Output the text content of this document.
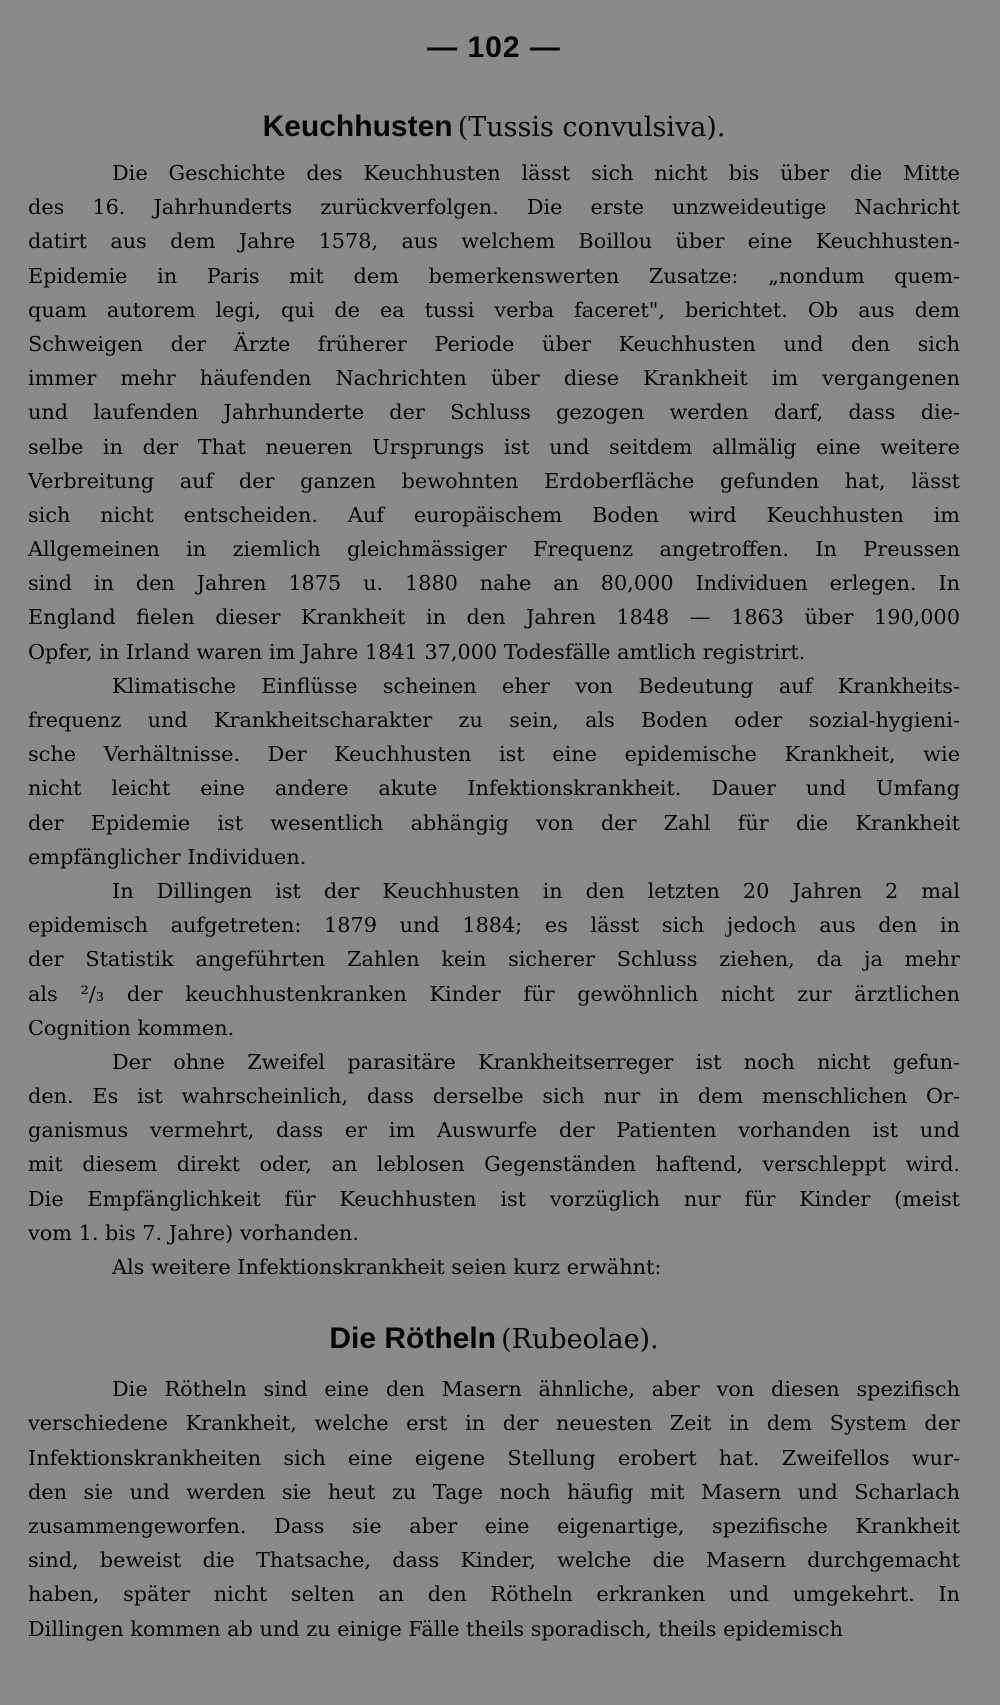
— 102 —
Keuchhusten (Tussis convulsiva).

Die Geschichte des Keuchhusten lässt sich nicht bis über die Mitte
des 16. Jahrhunderts zurückverfolgen. Die erste unzweideutige Nachricht
datirt aus dem Jahre 1578, aus welchem Boillou über eine Keuchhusten-
Epidemie in Paris mit dem bemerkenswerten Zusatze: „nondum quem-
quam autorem legi, qui de ea tussi verba faceret", berichtet. Ob aus dem
Schweigen der Ärzte früherer Periode über Keuchhusten und den sich
immer mehr häufenden Nachrichten über diese Krankheit im vergangenen
und laufenden Jahrhunderte der Schluss gezogen werden darf, dass die-
selbe in der That neueren Ursprungs ist und seitdem allmälig eine weitere
Verbreitung auf der ganzen bewohnten Erdoberfläche gefunden hat, lässt
sich nicht entscheiden. Auf europäischem Boden wird Keuchhusten im
Allgemeinen in ziemlich gleichmässiger Frequenz angetroffen. In Preussen
sind in den Jahren 1875 u. 1880 nahe an 80,000 Individuen erlegen. In
England fielen dieser Krankheit in den Jahren 1848 — 1863 über 190,000
Opfer, in Irland waren im Jahre 1841 37,000 Todesfälle amtlich registrirt.

Klimatische Einflüsse scheinen eher von Bedeutung auf Krankheits-
frequenz und Krankheitscharakter zu sein, als Boden oder sozial-hygieni-
sche Verhältnisse. Der Keuchhusten ist eine epidemische Krankheit, wie
nicht leicht eine andere akute Infektionskrankheit. Dauer und Umfang
der Epidemie ist wesentlich abhängig von der Zahl für die Krankheit
empfänglicher Individuen.

In Dillingen ist der Keuchhusten in den letzten 20 Jahren 2 mal
epidemisch aufgetreten: 1879 und 1884; es lässt sich jedoch aus den in
der Statistik angeführten Zahlen kein sicherer Schluss ziehen, da ja mehr
als ²/₃ der keuchhustenkranken Kinder für gewöhnlich nicht zur ärztlichen
Cognition kommen.

Der ohne Zweifel parasitäre Krankheitserreger ist noch nicht gefun-
den. Es ist wahrscheinlich, dass derselbe sich nur in dem menschlichen Or-
ganismus vermehrt, dass er im Auswurfe der Patienten vorhanden ist und
mit diesem direkt oder, an leblosen Gegenständen haftend, verschleppt wird.
Die Empfänglichkeit für Keuchhusten ist vorzüglich nur für Kinder (meist
vom 1. bis 7. Jahre) vorhanden.

Als weitere Infektionskrankheit seien kurz erwähnt:

Die Rötheln (Rubeolae).

Die Rötheln sind eine den Masern ähnliche, aber von diesen spezifisch
verschiedene Krankheit, welche erst in der neuesten Zeit in dem System der
Infektionskrankheiten sich eine eigene Stellung erobert hat. Zweifellos wur-
den sie und werden sie heut zu Tage noch häufig mit Masern und Scharlach
zusammengeworfen. Dass sie aber eine eigenartige, spezifische Krankheit
sind, beweist die Thatsache, dass Kinder, welche die Masern durchgemacht
haben, später nicht selten an den Rötheln erkranken und umgekehrt. In
Dillingen kommen ab und zu einige Fälle theils sporadisch, theils epidemisch
